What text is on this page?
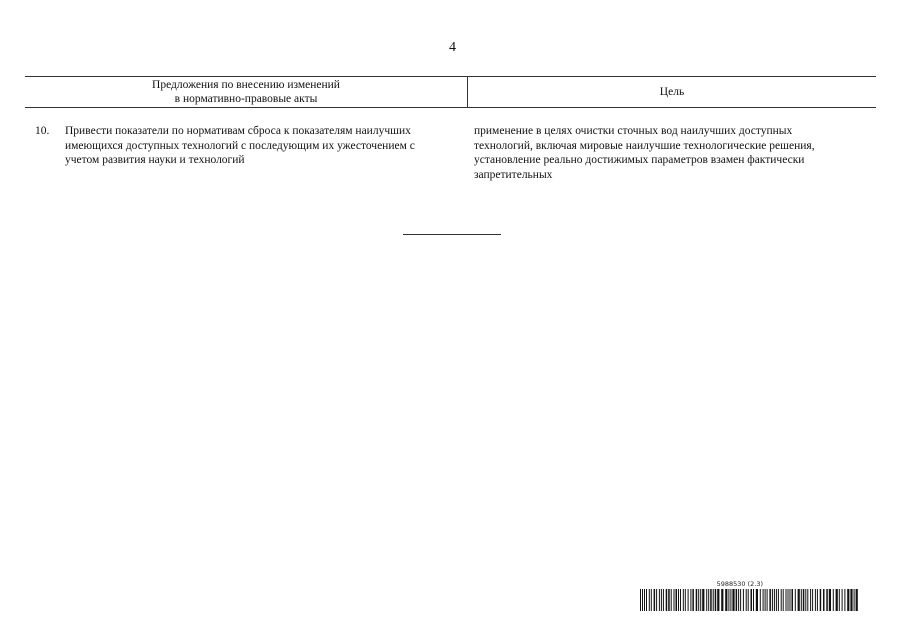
4
Предложения по внесению изменений
в нормативно-правовые акты
Цель
10. Привести показатели по нормативам сброса к показателям наилучших
имеющихся доступных технологий с последующим их ужесточением с
учетом развития науки и технологий
применение в целях очистки сточных вод наилучших доступных
технологий, включая мировые наилучшие технологические решения,
установление реально достижимых параметров взамен фактически
запретительных
5988530 (2.3)
